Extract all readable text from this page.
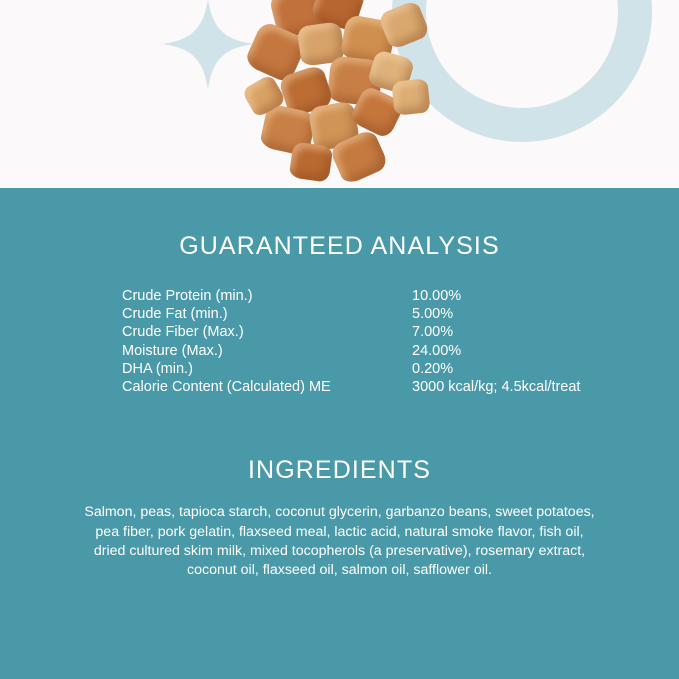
GUARANTEED ANALYSIS
Crude Protein (min.)	10.00%
Crude Fat (min.)	5.00%
Crude Fiber (Max.)	7.00%
Moisture (Max.)	24.00%
DHA (min.)	0.20%
Calorie Content (Calculated) ME	3000 kcal/kg; 4.5kcal/treat
INGREDIENTS
Salmon, peas, tapioca starch, coconut glycerin, garbanzo beans, sweet potatoes, pea fiber, pork gelatin, flaxseed meal, lactic acid, natural smoke flavor, fish oil, dried cultured skim milk, mixed tocopherols (a preservative), rosemary extract, coconut oil, flaxseed oil, salmon oil, safflower oil.
